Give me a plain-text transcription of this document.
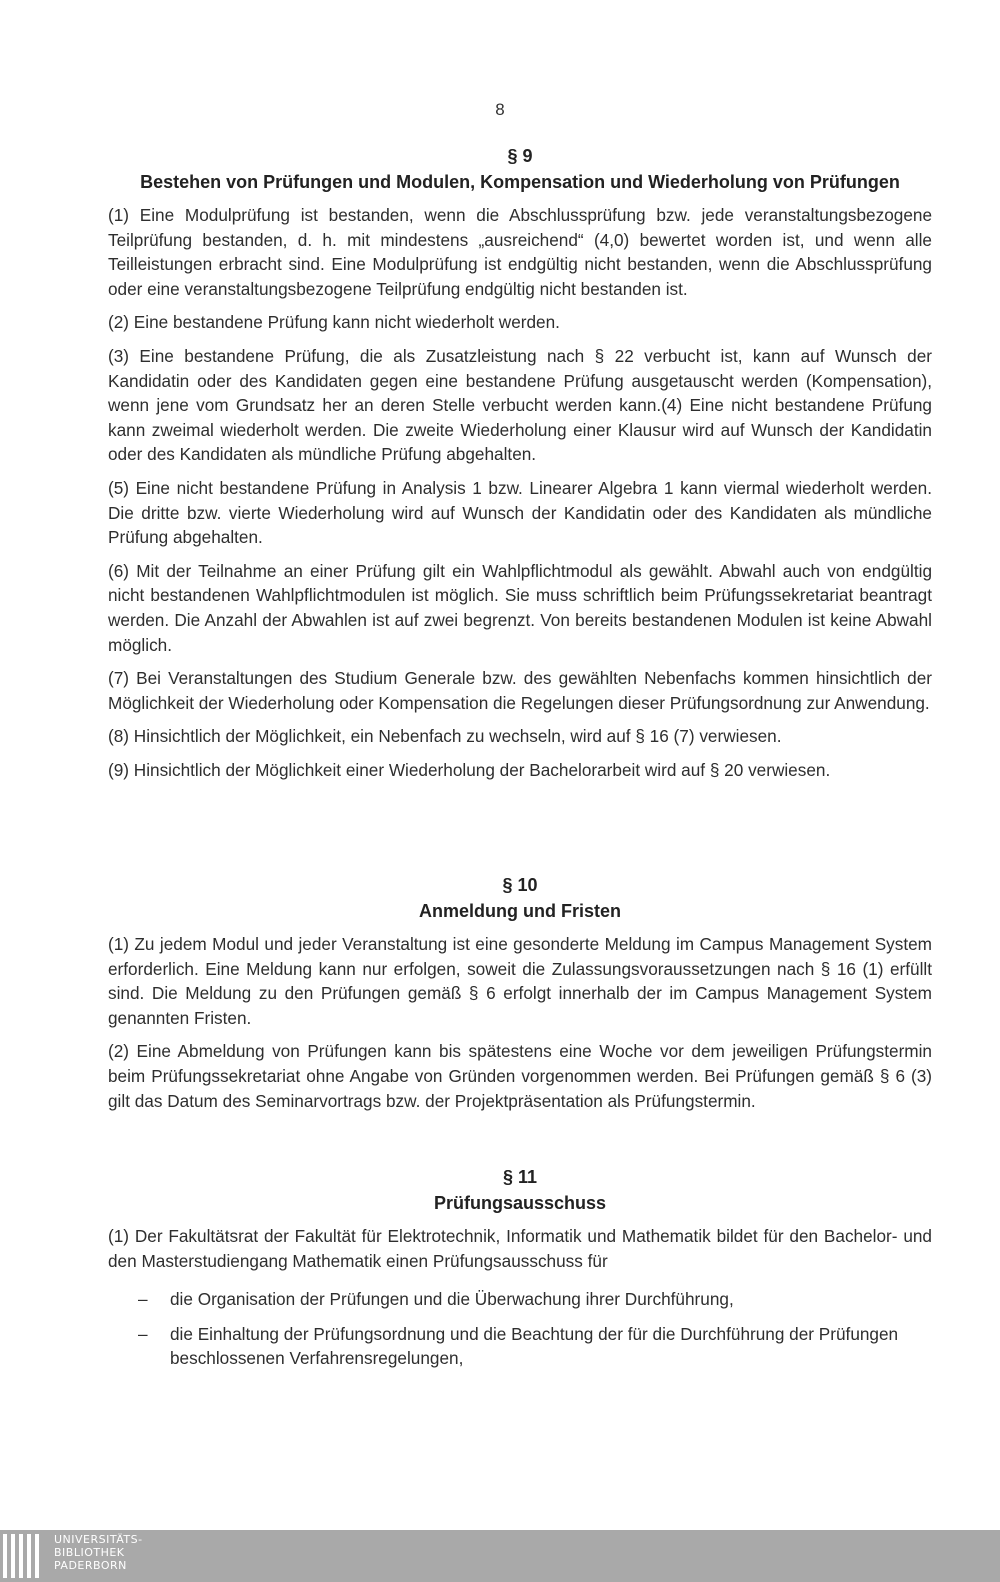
8
§ 9
Bestehen von Prüfungen und Modulen, Kompensation und Wiederholung von Prüfungen

(1) Eine Modulprüfung ist bestanden, wenn die Abschlussprüfung bzw. jede veranstaltungsbezogene Teilprüfung bestanden, d. h. mit mindestens „ausreichend“ (4,0) bewertet worden ist, und wenn alle Teilleistungen erbracht sind. Eine Modulprüfung ist endgültig nicht bestanden, wenn die Abschlussprüfung oder eine veranstaltungsbezogene Teilprüfung endgültig nicht bestanden ist.

(2) Eine bestandene Prüfung kann nicht wiederholt werden.

(3) Eine bestandene Prüfung, die als Zusatzleistung nach § 22 verbucht ist, kann auf Wunsch der Kandidatin oder des Kandidaten gegen eine bestandene Prüfung ausgetauscht werden (Kompensation), wenn jene vom Grundsatz her an deren Stelle verbucht werden kann.(4) Eine nicht bestandene Prüfung kann zweimal wiederholt werden. Die zweite Wiederholung einer Klausur wird auf Wunsch der Kandidatin oder des Kandidaten als mündliche Prüfung abgehalten.

(5) Eine nicht bestandene Prüfung in Analysis 1 bzw. Linearer Algebra 1 kann viermal wiederholt werden. Die dritte bzw. vierte Wiederholung wird auf Wunsch der Kandidatin oder des Kandidaten als mündliche Prüfung abgehalten.

(6) Mit der Teilnahme an einer Prüfung gilt ein Wahlpflichtmodul als gewählt. Abwahl auch von endgültig nicht bestandenen Wahlpflichtmodulen ist möglich. Sie muss schriftlich beim Prüfungssekretariat beantragt werden. Die Anzahl der Abwahlen ist auf zwei begrenzt. Von bereits bestandenen Modulen ist keine Abwahl möglich.

(7) Bei Veranstaltungen des Studium Generale bzw. des gewählten Nebenfachs kommen hinsichtlich der Möglichkeit der Wiederholung oder Kompensation die Regelungen dieser Prüfungsordnung zur Anwendung.

(8) Hinsichtlich der Möglichkeit, ein Nebenfach zu wechseln, wird auf § 16 (7) verwiesen.

(9) Hinsichtlich der Möglichkeit einer Wiederholung der Bachelorarbeit wird auf § 20 verwiesen.

§ 10
Anmeldung und Fristen

(1) Zu jedem Modul und jeder Veranstaltung ist eine gesonderte Meldung im Campus Management System erforderlich. Eine Meldung kann nur erfolgen, soweit die Zulassungsvoraussetzungen nach § 16 (1) erfüllt sind. Die Meldung zu den Prüfungen gemäß § 6 erfolgt innerhalb der im Campus Management System genannten Fristen.

(2) Eine Abmeldung von Prüfungen kann bis spätestens eine Woche vor dem jeweiligen Prüfungstermin beim Prüfungssekretariat ohne Angabe von Gründen vorgenommen werden. Bei Prüfungen gemäß § 6 (3) gilt das Datum des Seminarvortrags bzw. der Projektpräsentation als Prüfungstermin.

§ 11
Prüfungsausschuss

(1) Der Fakultätsrat der Fakultät für Elektrotechnik, Informatik und Mathematik bildet für den Bachelor- und den Masterstudiengang Mathematik einen Prüfungsausschuss für

– die Organisation der Prüfungen und die Überwachung ihrer Durchführung,
– die Einhaltung der Prüfungsordnung und die Beachtung der für die Durchführung der Prüfungen beschlossenen Verfahrensregelungen,
UNIVERSITÄTS-
BIBLIOTHEK
PADERBORN
